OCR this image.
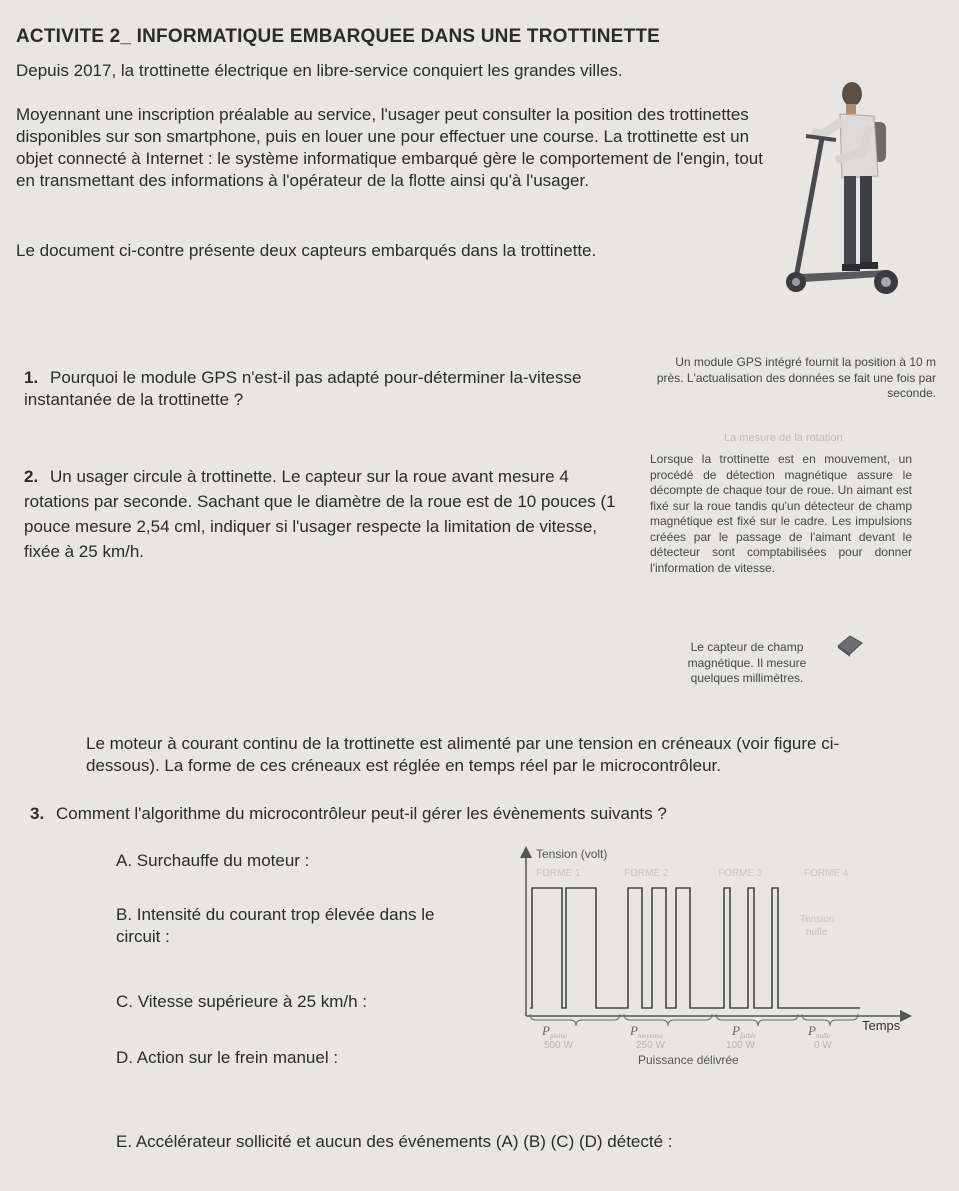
ACTIVITE 2_ INFORMATIQUE EMBARQUEE DANS UNE TROTTINETTE
Depuis 2017, la trottinette électrique en libre-service conquiert les grandes villes.
Moyennant une inscription préalable au service, l'usager peut consulter la position des trottinettes disponibles sur son smartphone, puis en louer une pour effectuer une course. La trottinette est un objet connecté à Internet : le système informatique embarqué gère le comportement de l'engin, tout en transmettant des informations à l'opérateur de la flotte ainsi qu'à l'usager.
Le document ci-contre présente deux capteurs embarqués dans la trottinette.
1. Pourquoi le module GPS n'est-il pas adapté pour-déterminer la-vitesse instantanée de la trottinette ?
Un module GPS intégré fournit la position à 10 m près. L'actualisation des données se fait une fois par seconde.
La mesure de la rotation
2. Un usager circule à trottinette. Le capteur sur la roue avant mesure 4 rotations par seconde. Sachant que le diamètre de la roue est de 10 pouces (1 pouce mesure 2,54 cml, indiquer si l'usager respecte la limitation de vitesse, fixée à 25 km/h.
Lorsque la trottinette est en mouvement, un procédé de détection magnétique assure le décompte de chaque tour de roue. Un aimant est fixé sur la roue tandis qu'un détecteur de champ magnétique est fixé sur le cadre. Les impulsions créées par le passage de l'aimant devant le détecteur sont comptabilisées pour donner l'information de vitesse.
Le capteur de champ magnétique. Il mesure quelques millimètres.
Le moteur à courant continu de la trottinette est alimenté par une tension en créneaux (voir figure ci-dessous). La forme de ces créneaux est réglée en temps réel par le microcontrôleur.
3. Comment l'algorithme du microcontrôleur peut-il gérer les évènements suivants ?
A. Surchauffe du moteur :
B. Intensité du courant trop élevée dans le circuit :
C. Vitesse supérieure à 25 km/h :
D. Action sur le frein manuel :
E. Accélérateur sollicité et aucun des événements (A) (B) (C) (D) détecté :
Tension (volt)
Temps
FORME 1	FORME 2	FORME 3	FORME 4
Tension
nulle
$P_{pleine}$	$P_{moyenne}$	$P_{faible}$	$P_{nulle}$
500 W	250 W	100 W	0 W
Puissance délivrée
